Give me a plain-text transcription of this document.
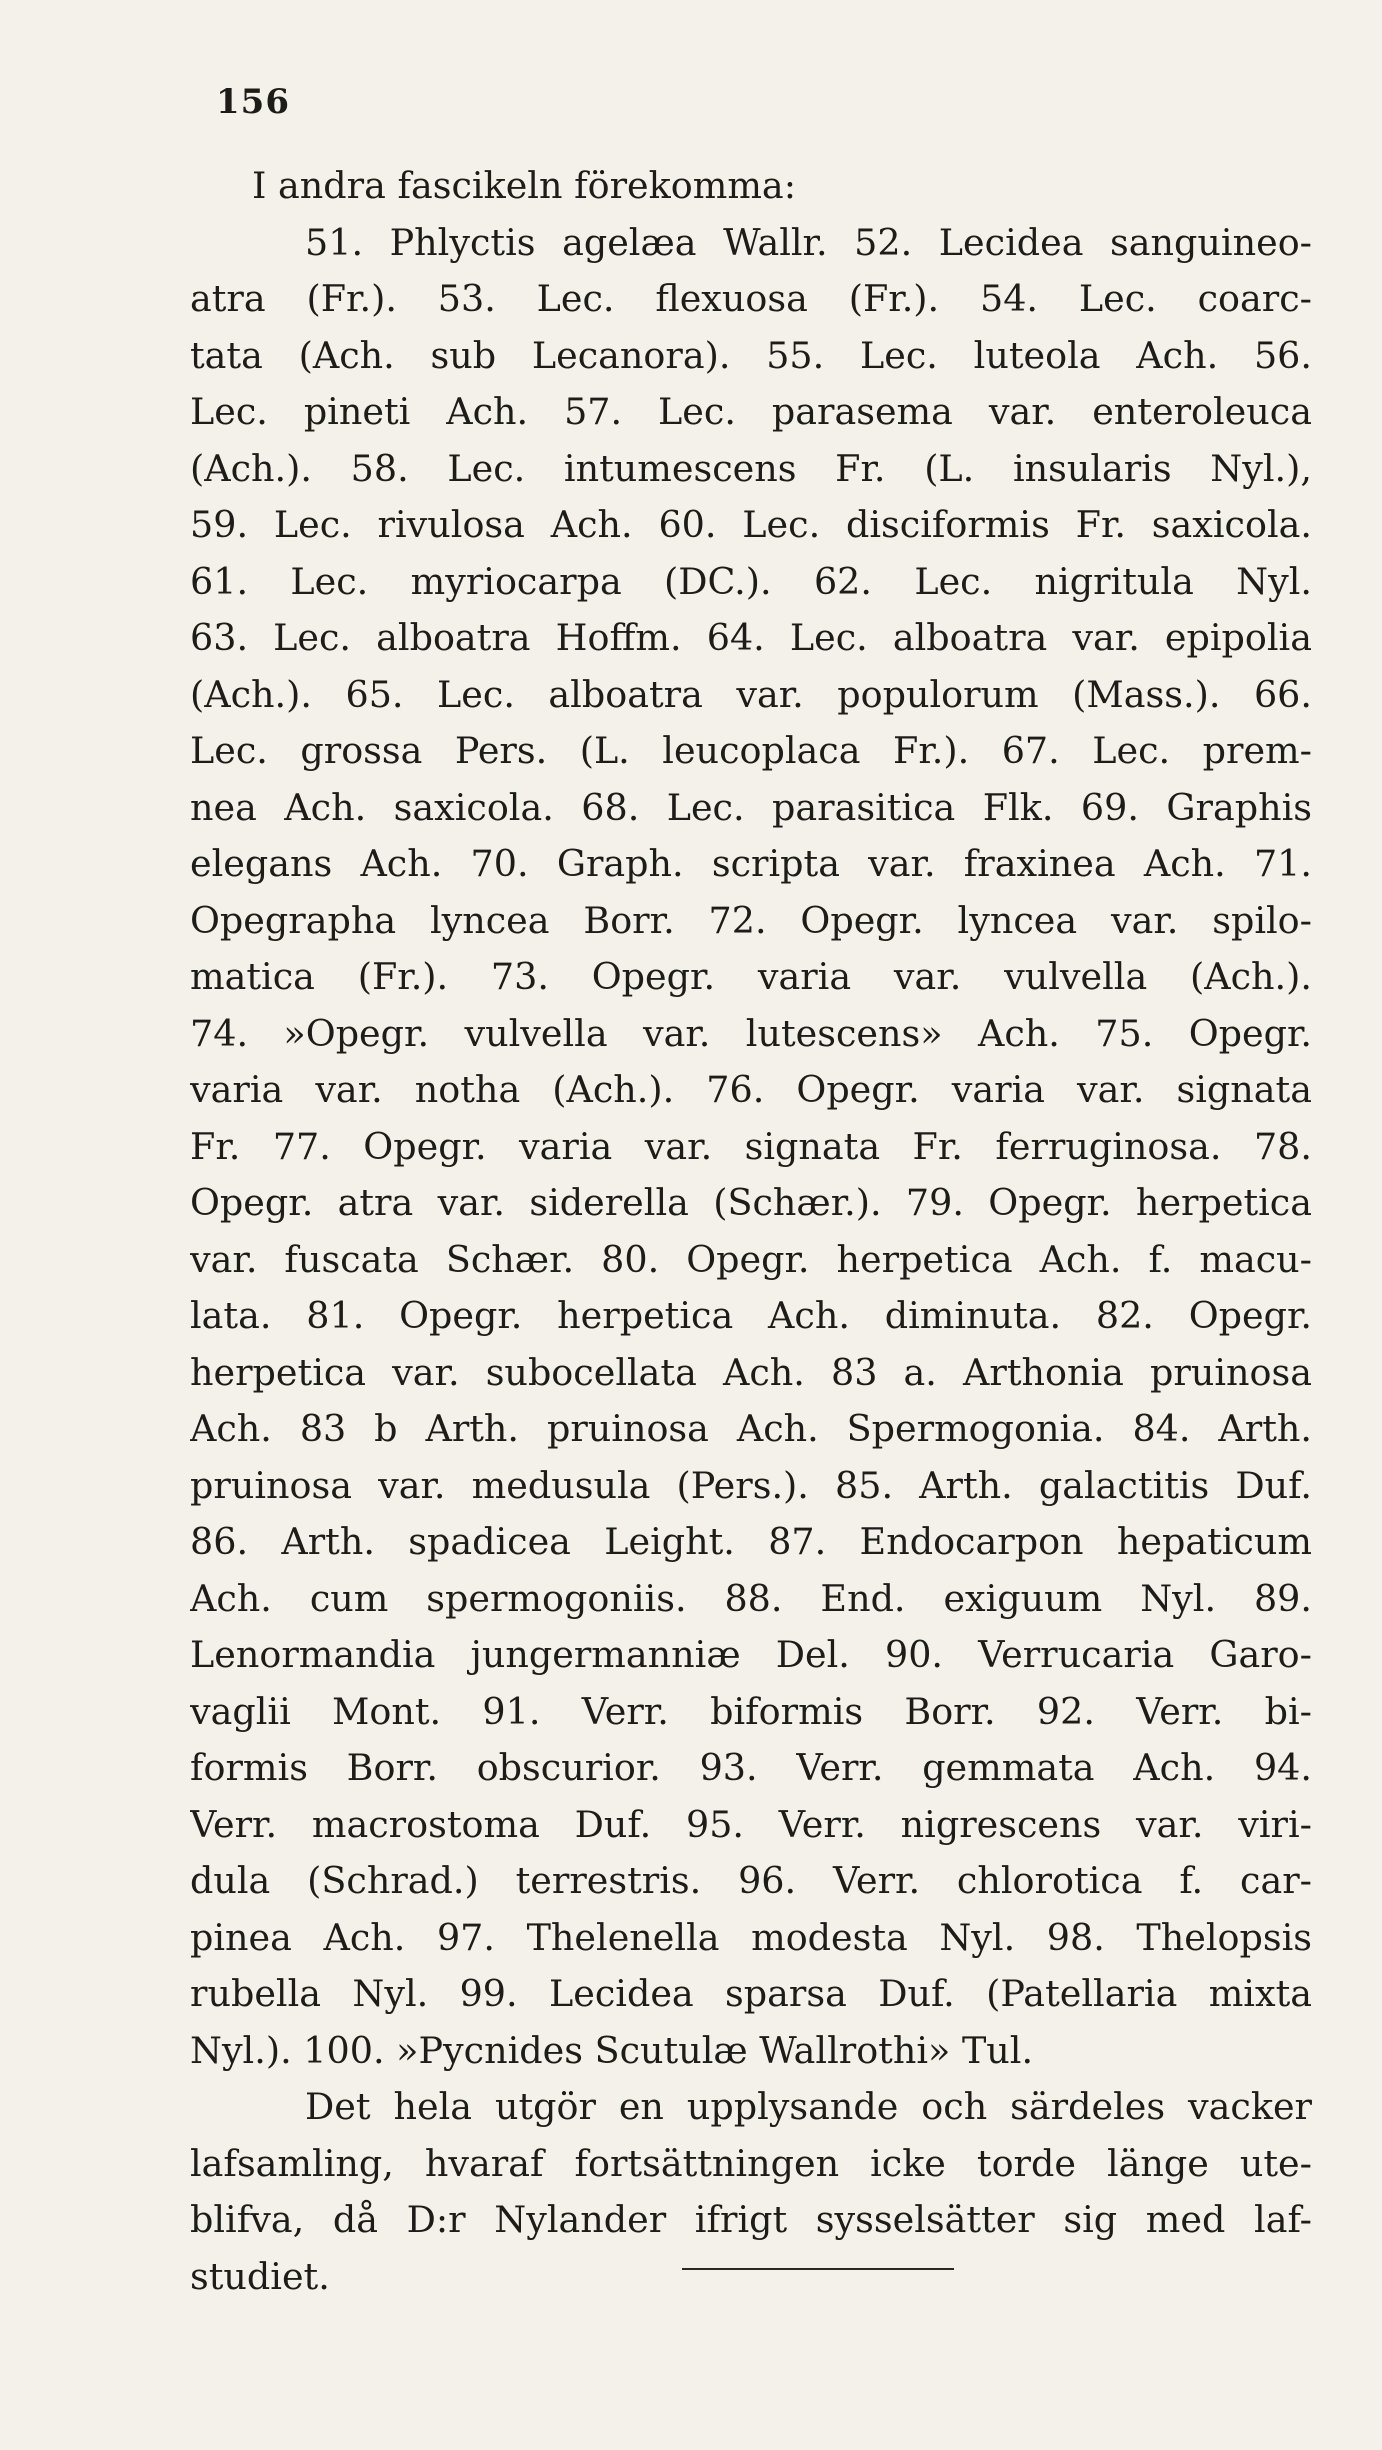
156
I andra fascikeln förekomma:
51. Phlyctis agelæa Wallr. 52. Lecidea sanguineo-
atra (Fr.). 53. Lec. flexuosa (Fr.). 54. Lec. coarc-
tata (Ach. sub Lecanora). 55. Lec. luteola Ach. 56.
Lec. pineti Ach. 57. Lec. parasema var. enteroleuca
(Ach.). 58. Lec. intumescens Fr. (L. insularis Nyl.),
59. Lec. rivulosa Ach. 60. Lec. disciformis Fr. saxicola.
61. Lec. myriocarpa (DC.). 62. Lec. nigritula Nyl.
63. Lec. alboatra Hoffm. 64. Lec. alboatra var. epipolia
(Ach.). 65. Lec. alboatra var. populorum (Mass.). 66.
Lec. grossa Pers. (L. leucoplaca Fr.). 67. Lec. prem-
nea Ach. saxicola. 68. Lec. parasitica Flk. 69. Graphis
elegans Ach. 70. Graph. scripta var. fraxinea Ach. 71.
Opegrapha lyncea Borr. 72. Opegr. lyncea var. spilo-
matica (Fr.). 73. Opegr. varia var. vulvella (Ach.).
74. »Opegr. vulvella var. lutescens» Ach. 75. Opegr.
varia var. notha (Ach.). 76. Opegr. varia var. signata
Fr. 77. Opegr. varia var. signata Fr. ferruginosa. 78.
Opegr. atra var. siderella (Schær.). 79. Opegr. herpetica
var. fuscata Schær. 80. Opegr. herpetica Ach. f. macu-
lata. 81. Opegr. herpetica Ach. diminuta. 82. Opegr.
herpetica var. subocellata Ach. 83 a. Arthonia pruinosa
Ach. 83 b Arth. pruinosa Ach. Spermogonia. 84. Arth.
pruinosa var. medusula (Pers.). 85. Arth. galactitis Duf.
86. Arth. spadicea Leight. 87. Endocarpon hepaticum
Ach. cum spermogoniis. 88. End. exiguum Nyl. 89.
Lenormandia jungermanniæ Del. 90. Verrucaria Garo-
vaglii Mont. 91. Verr. biformis Borr. 92. Verr. bi-
formis Borr. obscurior. 93. Verr. gemmata Ach. 94.
Verr. macrostoma Duf. 95. Verr. nigrescens var. viri-
dula (Schrad.) terrestris. 96. Verr. chlorotica f. car-
pinea Ach. 97. Thelenella modesta Nyl. 98. Thelopsis
rubella Nyl. 99. Lecidea sparsa Duf. (Patellaria mixta
Nyl.). 100. »Pycnides Scutulæ Wallrothi» Tul.
Det hela utgör en upplysande och särdeles vacker
lafsamling, hvaraf fortsättningen icke torde länge ute-
blifva, då D:r Nylander ifrigt sysselsätter sig med laf-
studiet.
